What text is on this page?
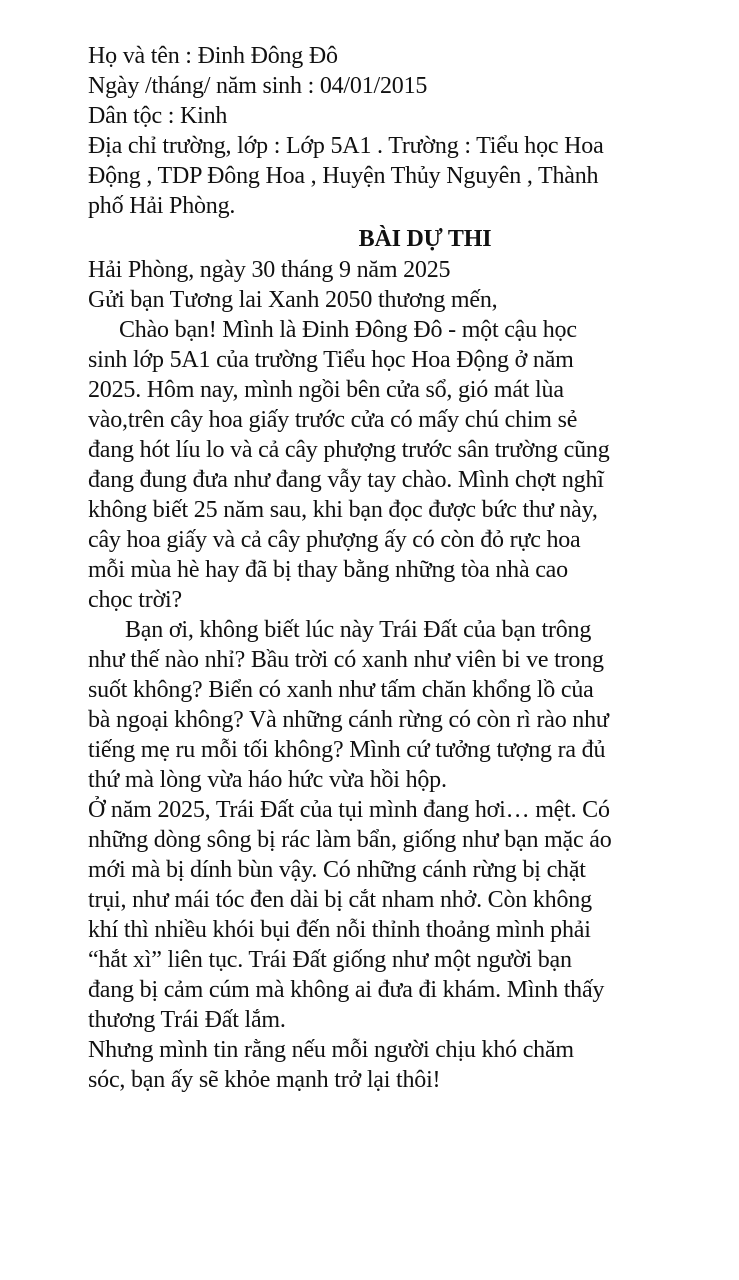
Họ và tên : Đinh Đông Đô
Ngày /tháng/ năm sinh : 04/01/2015
Dân tộc : Kinh
Địa chỉ trường, lớp : Lớp 5A1 . Trường : Tiểu học Hoa
Động , TDP Đông Hoa , Huyện Thủy Nguyên , Thành
phố Hải Phòng.
BÀI DỰ THI
Hải Phòng, ngày 30 tháng 9 năm 2025
Gửi bạn Tương lai Xanh 2050 thương mến,
Chào bạn! Mình là Đinh Đông Đô - một cậu học
sinh lớp 5A1 của trường Tiểu học Hoa Động ở năm
2025. Hôm nay, mình ngồi bên cửa sổ, gió mát lùa
vào,trên cây hoa giấy trước cửa có mấy chú chim sẻ
đang hót líu lo và cả cây phượng trước sân trường cũng
đang đung đưa như đang vẫy tay chào. Mình chợt nghĩ
không biết 25 năm sau, khi bạn đọc được bức thư này,
cây hoa giấy và cả cây phượng ấy có còn đỏ rực hoa
mỗi mùa hè hay đã bị thay bằng những tòa nhà cao
chọc trời?
Bạn ơi, không biết lúc này Trái Đất của bạn trông
như thế nào nhỉ? Bầu trời có xanh như viên bi ve trong
suốt không? Biển có xanh như tấm chăn khổng lồ của
bà ngoại không? Và những cánh rừng có còn rì rào như
tiếng mẹ ru mỗi tối không? Mình cứ tưởng tượng ra đủ
thứ mà lòng vừa háo hức vừa hồi hộp.
Ở năm 2025, Trái Đất của tụi mình đang hơi… mệt. Có
những dòng sông bị rác làm bẩn, giống như bạn mặc áo
mới mà bị dính bùn vậy. Có những cánh rừng bị chặt
trụi, như mái tóc đen dài bị cắt nham nhở. Còn không
khí thì nhiều khói bụi đến nỗi thỉnh thoảng mình phải
“hắt xì” liên tục. Trái Đất giống như một người bạn
đang bị cảm cúm mà không ai đưa đi khám. Mình thấy
thương Trái Đất lắm.
Nhưng mình tin rằng nếu mỗi người chịu khó chăm
sóc, bạn ấy sẽ khỏe mạnh trở lại thôi!
